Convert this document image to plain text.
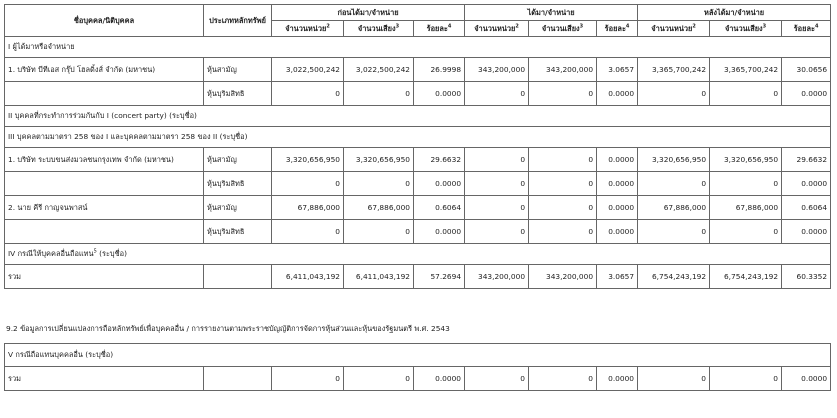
ชื่อบุคคล/นิติบุคคล	ประเภทหลักทรัพย์	ก่อนได้มา/จำหน่าย			ได้มา/จำหน่าย			หลังได้มา/จำหน่าย		
		จำนวนหน่วย$^2$	จำนวนเสียง$^3$	ร้อยละ$^4$	จำนวนหน่วย$^2$	จำนวนเสียง$^3$	ร้อยละ$^4$	จำนวนหน่วย$^2$	จำนวนเสียง$^3$	ร้อยละ$^4$
I ผู้ได้มาหรือจำหน่าย										
1. บริษัท บีทีเอส กรุ๊ป โฮลดิ้งส์ จำกัด (มหาชน)	หุ้นสามัญ	3,022,500,242	3,022,500,242	26.9998	343,200,000	343,200,000	3.0657	3,365,700,242	3,365,700,242	30.0656
	หุ้นบุริมสิทธิ	0	0	0.0000	0	0	0.0000	0	0	0.0000
II บุคคลที่กระทำการร่วมกันกับ I (concert party) (ระบุชื่อ)										
III บุคคลตามมาตรา 258 ของ I และบุคคลตามมาตรา 258 ของ II (ระบุชื่อ)										
1. บริษัท ระบบขนส่งมวลชนกรุงเทพ จำกัด (มหาชน)	หุ้นสามัญ	3,320,656,950	3,320,656,950	29.6632	0	0	0.0000	3,320,656,950	3,320,656,950	29.6632
	หุ้นบุริมสิทธิ	0	0	0.0000	0	0	0.0000	0	0	0.0000
2. นาย คีรี กาญจนพาสน์	หุ้นสามัญ	67,886,000	67,886,000	0.6064	0	0	0.0000	67,886,000	67,886,000	0.6064
	หุ้นบุริมสิทธิ	0	0	0.0000	0	0	0.0000	0	0	0.0000
IV กรณีให้บุคคลอื่นถือแทน$^5$ (ระบุชื่อ)										
รวม		6,411,043,192	6,411,043,192	57.2694	343,200,000	343,200,000	3.0657	6,754,243,192	6,754,243,192	60.3352
9.2 ข้อมูลการเปลี่ยนแปลงการถือหลักทรัพย์เพื่อบุคคลอื่น / การรายงานตามพระราชบัญญัติการจัดการหุ้นส่วนและหุ้นของรัฐมนตรี พ.ศ. 2543
V กรณีถือแทนบุคคลอื่น (ระบุชื่อ)
รวม		0	0	0.0000	0	0	0.0000	0	0	0.0000
